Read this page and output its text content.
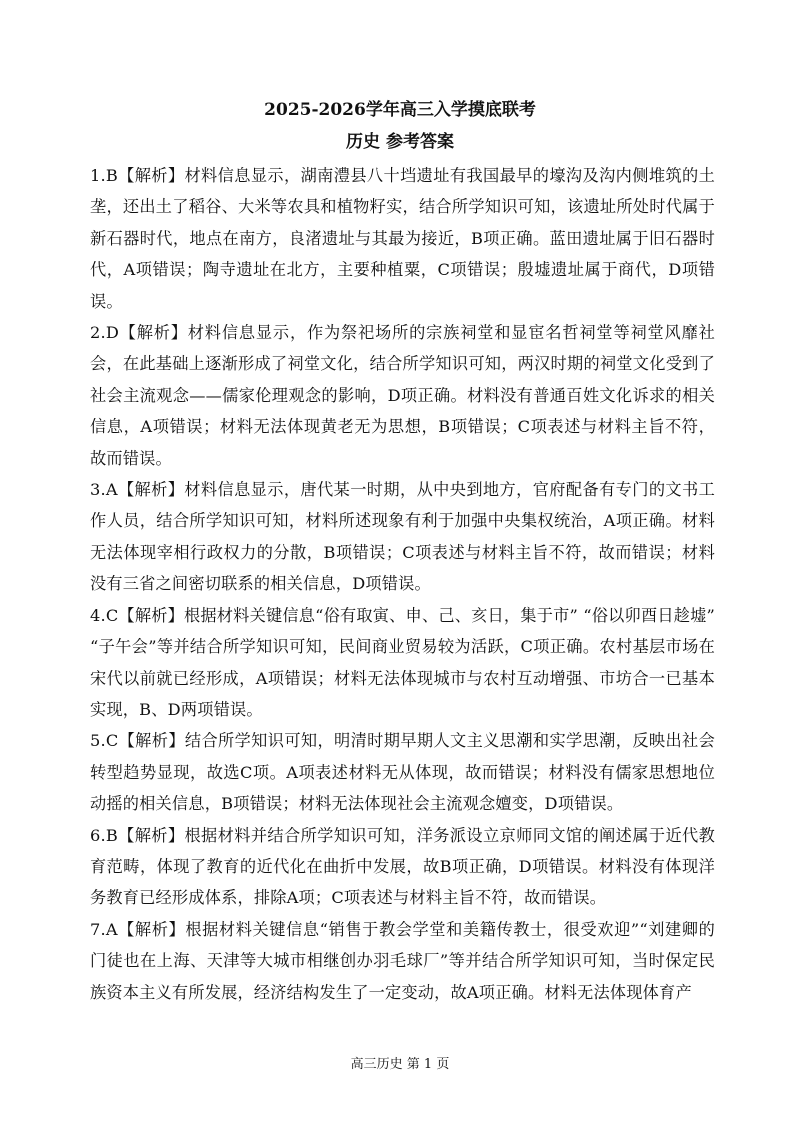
2025-2026学年高三入学摸底联考
历史 参考答案

1.B【解析】材料信息显示，湖南澧县八十垱遗址有我国最早的壕沟及沟内侧堆筑的土垄，还出土了稻谷、大米等农具和植物籽实，结合所学知识可知，该遗址所处时代属于新石器时代，地点在南方，良渚遗址与其最为接近，B项正确。蓝田遗址属于旧石器时代，A项错误；陶寺遗址在北方，主要种植粟，C项错误；殷墟遗址属于商代，D项错误。

2.D【解析】材料信息显示，作为祭祀场所的宗族祠堂和显宦名哲祠堂等祠堂风靡社会，在此基础上逐渐形成了祠堂文化，结合所学知识可知，两汉时期的祠堂文化受到了社会主流观念——儒家伦理观念的影响，D项正确。材料没有普通百姓文化诉求的相关信息，A项错误；材料无法体现黄老无为思想，B项错误；C项表述与材料主旨不符，故而错误。

3.A【解析】材料信息显示，唐代某一时期，从中央到地方，官府配备有专门的文书工作人员，结合所学知识可知，材料所述现象有利于加强中央集权统治，A项正确。材料无法体现宰相行政权力的分散，B项错误；C项表述与材料主旨不符，故而错误；材料没有三省之间密切联系的相关信息，D项错误。

4.C【解析】根据材料关键信息“俗有取寅、申、己、亥日，集于市” “俗以卯酉日趁墟” “子午会”等并结合所学知识可知，民间商业贸易较为活跃，C项正确。农村基层市场在宋代以前就已经形成，A项错误；材料无法体现城市与农村互动增强、市坊合一已基本实现，B、D两项错误。

5.C【解析】结合所学知识可知，明清时期早期人文主义思潮和实学思潮，反映出社会转型趋势显现，故选C项。A项表述材料无从体现，故而错误；材料没有儒家思想地位动摇的相关信息，B项错误；材料无法体现社会主流观念嬗变，D项错误。

6.B【解析】根据材料并结合所学知识可知，洋务派设立京师同文馆的阐述属于近代教育范畴，体现了教育的近代化在曲折中发展，故B项正确，D项错误。材料没有体现洋务教育已经形成体系，排除A项；C项表述与材料主旨不符，故而错误。

7.A【解析】根据材料关键信息“销售于教会学堂和美籍传教士，很受欢迎”“刘建卿的门徒也在上海、天津等大城市相继创办羽毛球厂”等并结合所学知识可知，当时保定民族资本主义有所发展，经济结构发生了一定变动，故A项正确。材料无法体现体育产

高三历史 第 1 页
